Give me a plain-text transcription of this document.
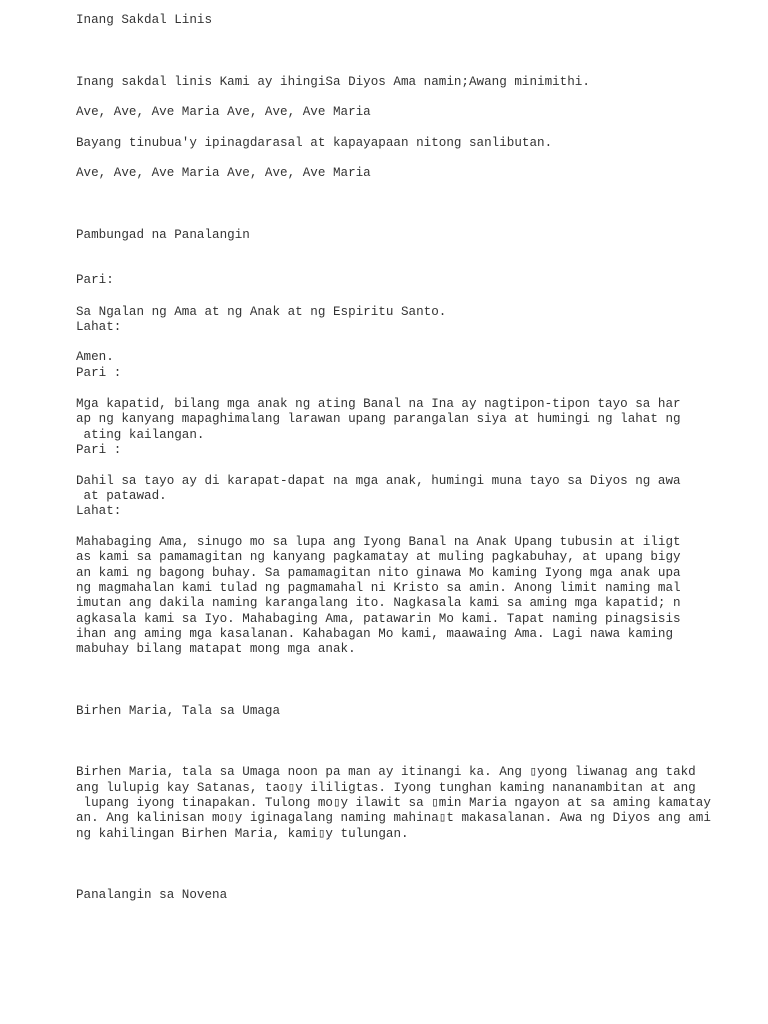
Inang Sakdal Linis

Inang sakdal linis Kami ay ihingiSa Diyos Ama namin;Awang minimithi.

Ave, Ave, Ave Maria Ave, Ave, Ave Maria

Bayang tinubua'y ipinagdarasal at kapayapaan nitong sanlibutan.

Ave, Ave, Ave Maria Ave, Ave, Ave Maria

Pambungad na Panalangin

Pari:

Sa Ngalan ng Ama at ng Anak at ng Espiritu Santo.

Lahat:

Amen.

Pari :

Mga kapatid, bilang mga anak ng ating Banal na Ina ay nagtipon-tipon tayo sa har

ap ng kanyang mapaghimalang larawan upang parangalan siya at humingi ng lahat ng

ating kailangan.

Pari :

Dahil sa tayo ay di karapat-dapat na mga anak, humingi muna tayo sa Diyos ng awa

at patawad.

Lahat:

Mahabaging Ama, sinugo mo sa lupa ang Iyong Banal na Anak Upang tubusin at iligt

as kami sa pamamagitan ng kanyang pagkamatay at muling pagkabuhay, at upang bigy

an kami ng bagong buhay. Sa pamamagitan nito ginawa Mo kaming Iyong mga anak upa

ng magmahalan kami tulad ng pagmamahal ni Kristo sa amin. Anong limit naming mal

imutan ang dakila naming karangalang ito. Nagkasala kami sa aming mga kapatid; n

agkasala kami sa Iyo. Mahabaging Ama, patawarin Mo kami. Tapat naming pinagsisis

ihan ang aming mga kasalanan. Kahabagan Mo kami, maawaing Ama. Lagi nawa kaming

mabuhay bilang matapat mong mga anak.

Birhen Maria, Tala sa Umaga

Birhen Maria, tala sa Umaga noon pa man ay itinangi ka. Ang ▯yong liwanag ang takd

ang lulupig kay Satanas, tao▯y ililigtas. Iyong tunghan kaming nananambitan at ang

lupang iyong tinapakan. Tulong mo▯y ilawit sa ▯min Maria ngayon at sa aming kamatay

an. Ang kalinisan mo▯y iginagalang naming mahina▯t makasalanan. Awa ng Diyos ang ami

ng kahilingan Birhen Maria, kami▯y tulungan.

Panalangin sa Novena
